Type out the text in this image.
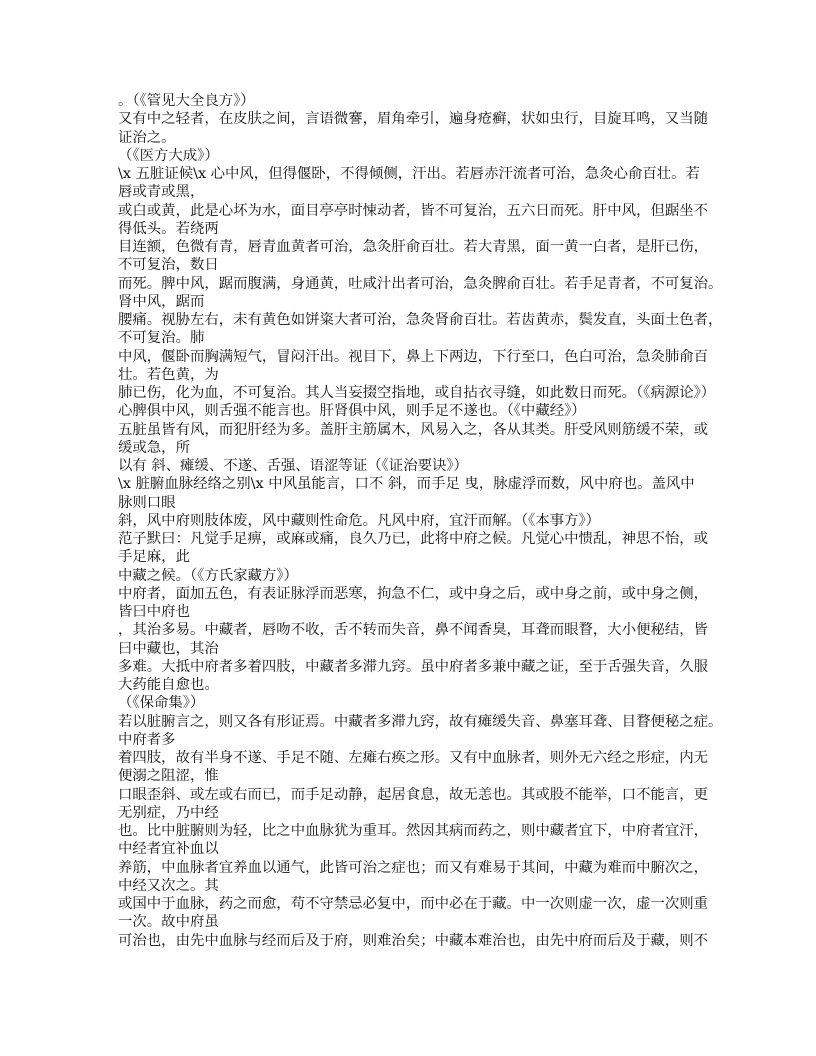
。（《管见大全良方》）
又有中之轻者，在皮肤之间，言语微謇，眉角牵引，遍身疮癣，状如虫行，目旋耳鸣，又当随
证治之。
（《医方大成》）
\x 五脏证候\x 心中风，但得偃卧，不得倾侧，汗出。若唇赤汗流者可治，急灸心俞百壮。若
唇或青或黑，
或白或黄，此是心坏为水，面目亭亭时悚动者，皆不可复治，五六日而死。肝中风，但踞坐不
得低头。若绕两
目连额，色微有青，唇青血黄者可治，急灸肝俞百壮。若大青黑，面一黄一白者，是肝已伤，
不可复治，数日
而死。脾中风，踞而腹满，身通黄，吐咸汁出者可治，急灸脾俞百壮。若手足青者，不可复治。
肾中风，踞而
腰痛。视胁左右，未有黄色如饼粢大者可治，急灸肾俞百壮。若齿黄赤，鬓发直，头面土色者，
不可复治。肺
中风，偃卧而胸满短气，冒闷汗出。视目下，鼻上下两边，下行至口，色白可治，急灸肺俞百
壮。若色黄，为
肺已伤，化为血，不可复治。其人当妄掇空指地，或自拈衣寻缝，如此数日而死。（《病源论》）
心脾俱中风，则舌强不能言也。肝肾俱中风，则手足不遂也。（《中藏经》）
五脏虽皆有风，而犯肝经为多。盖肝主筋属木，风易入之，各从其类。肝受风则筋缓不荣，或
缓或急，所
以有 斜、瘫缓、不遂、舌强、语涩等证（《证治要诀》）
\x 脏腑血脉经络之别\x 中风虽能言，口不 斜，而手足 曳，脉虚浮而数，风中府也。盖风中
脉则口眼
斜，风中府则肢体废，风中藏则性命危。凡风中府，宜汗而解。（《本事方》）
范子默曰：凡觉手足痹，或麻或痛，良久乃已，此将中府之候。凡觉心中愦乱，神思不怡，或
手足麻，此
中藏之候。（《方氏家藏方》）
中府者，面加五色，有表证脉浮而恶寒，拘急不仁，或中身之后，或中身之前，或中身之侧，
皆曰中府也
，其治多易。中藏者，唇吻不收，舌不转而失音，鼻不闻香臭，耳聋而眼瞀，大小便秘结，皆
曰中藏也，其治
多难。大抵中府者多着四肢，中藏者多滞九窍。虽中府者多兼中藏之证，至于舌强失音，久服
大药能自愈也。
（《保命集》）
若以脏腑言之，则又各有形证焉。中藏者多滞九窍，故有瘫缓失音、鼻塞耳聋、目瞀便秘之症。
中府者多
着四肢，故有半身不遂、手足不随、左瘫右痪之形。又有中血脉者，则外无六经之形症，内无
便溺之阻涩，惟
口眼歪斜、或左或右而已，而手足动静，起居食息，故无恙也。其或股不能举，口不能言，更
无别症，乃中经
也。比中脏腑则为轻，比之中血脉犹为重耳。然因其病而药之，则中藏者宜下，中府者宜汗，
中经者宜补血以
养筋，中血脉者宜养血以通气，此皆可治之症也；而又有难易于其间，中藏为难而中腑次之，
中经又次之。其
或国中于血脉，药之而愈，苟不守禁忌必复中，而中必在于藏。中一次则虚一次，虚一次则重
一次。故中府虽
可治也，由先中血脉与经而后及于府，则难治矣；中藏本难治也，由先中府而后及于藏，则不
